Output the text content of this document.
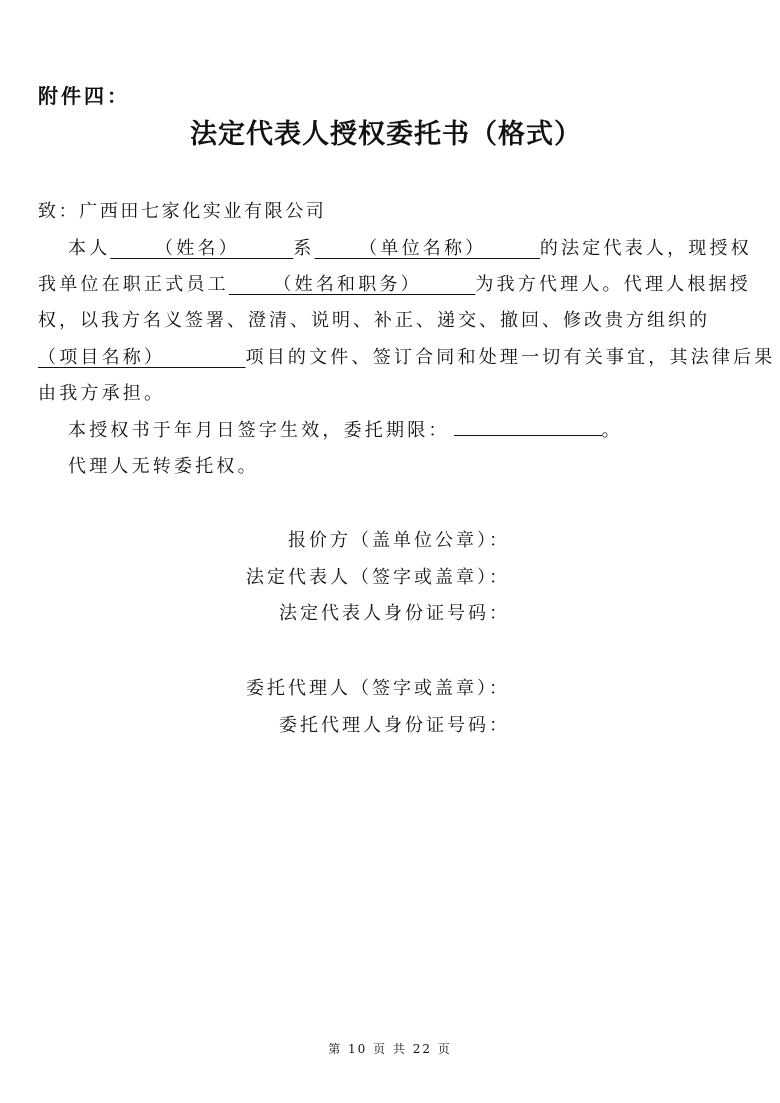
附件四：
法定代表人授权委托书（格式）
致：广西田七家化实业有限公司
本人     （姓名）      系     （单位名称）      的法定代表人，现授权
我单位在职正式员工     （姓名和职务）      为我方代理人。代理人根据授
权，以我方名义签署、澄清、说明、补正、递交、撤回、修改贵方组织的
（项目名称）         项目的文件、签订合同和处理一切有关事宜，其法律后果
由我方承担。
本授权书于年月日签字生效，委托期限：	。
代理人无转委托权。
报价方（盖单位公章）：
法定代表人（签字或盖章）：
法定代表人身份证号码：
委托代理人（签字或盖章）：
委托代理人身份证号码：
第 10 页 共 22 页
